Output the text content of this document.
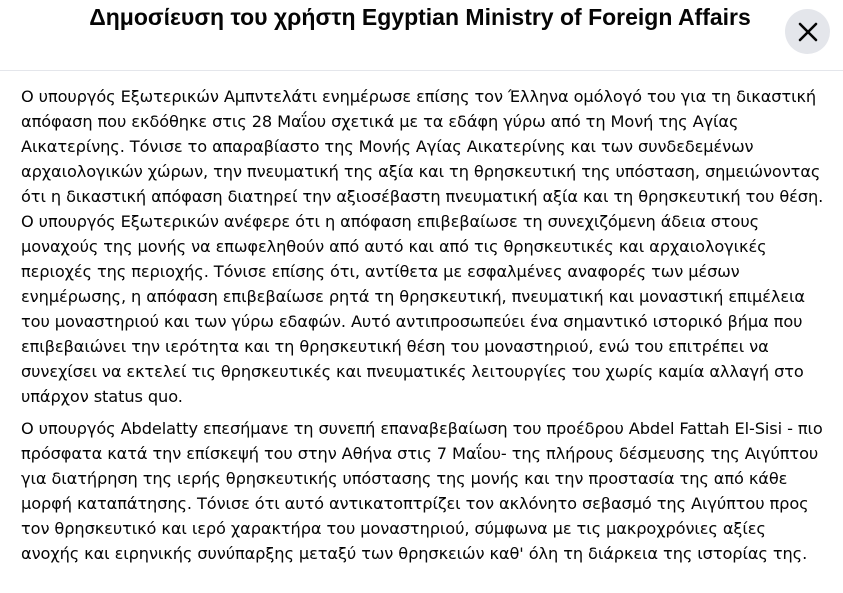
Δημοσίευση του χρήστη Egyptian Ministry of Foreign Affairs

Ο υπουργός Εξωτερικών Αμπντελάτι ενημέρωσε επίσης τον Έλληνα ομόλογό του για τη δικαστική απόφαση που εκδόθηκε στις 28 Μαΐου σχετικά με τα εδάφη γύρω από τη Μονή της Αγίας Αικατερίνης. Τόνισε το απαραβίαστο της Μονής Αγίας Αικατερίνης και των συνδεδεμένων αρχαιολογικών χώρων, την πνευματική της αξία και τη θρησκευτική της υπόσταση, σημειώνοντας ότι η δικαστική απόφαση διατηρεί την αξιοσέβαστη πνευματική αξία και τη θρησκευτική του θέση. Ο υπουργός Εξωτερικών ανέφερε ότι η απόφαση επιβεβαίωσε τη συνεχιζόμενη άδεια στους μοναχούς της μονής να επωφεληθούν από αυτό και από τις θρησκευτικές και αρχαιολογικές περιοχές της περιοχής. Τόνισε επίσης ότι, αντίθετα με εσφαλμένες αναφορές των μέσων ενημέρωσης, η απόφαση επιβεβαίωσε ρητά τη θρησκευτική, πνευματική και μοναστική επιμέλεια του μοναστηριού και των γύρω εδαφών. Αυτό αντιπροσωπεύει ένα σημαντικό ιστορικό βήμα που επιβεβαιώνει την ιερότητα και τη θρησκευτική θέση του μοναστηριού, ενώ του επιτρέπει να συνεχίσει να εκτελεί τις θρησκευτικές και πνευματικές λειτουργίες του χωρίς καμία αλλαγή στο υπάρχον status quo.

Ο υπουργός Abdelatty επεσήμανε τη συνεπή επαναβεβαίωση του προέδρου Abdel Fattah El-Sisi - πιο πρόσφατα κατά την επίσκεψή του στην Αθήνα στις 7 Μαΐου- της πλήρους δέσμευσης της Αιγύπτου για διατήρηση της ιερής θρησκευτικής υπόστασης της μονής και την προστασία της από κάθε μορφή καταπάτησης. Τόνισε ότι αυτό αντικατοπτρίζει τον ακλόνητο σεβασμό της Αιγύπτου προς τον θρησκευτικό και ιερό χαρακτήρα του μοναστηριού, σύμφωνα με τις μακροχρόνιες αξίες ανοχής και ειρηνικής συνύπαρξης μεταξύ των θρησκειών καθ' όλη τη διάρκεια της ιστορίας της.
